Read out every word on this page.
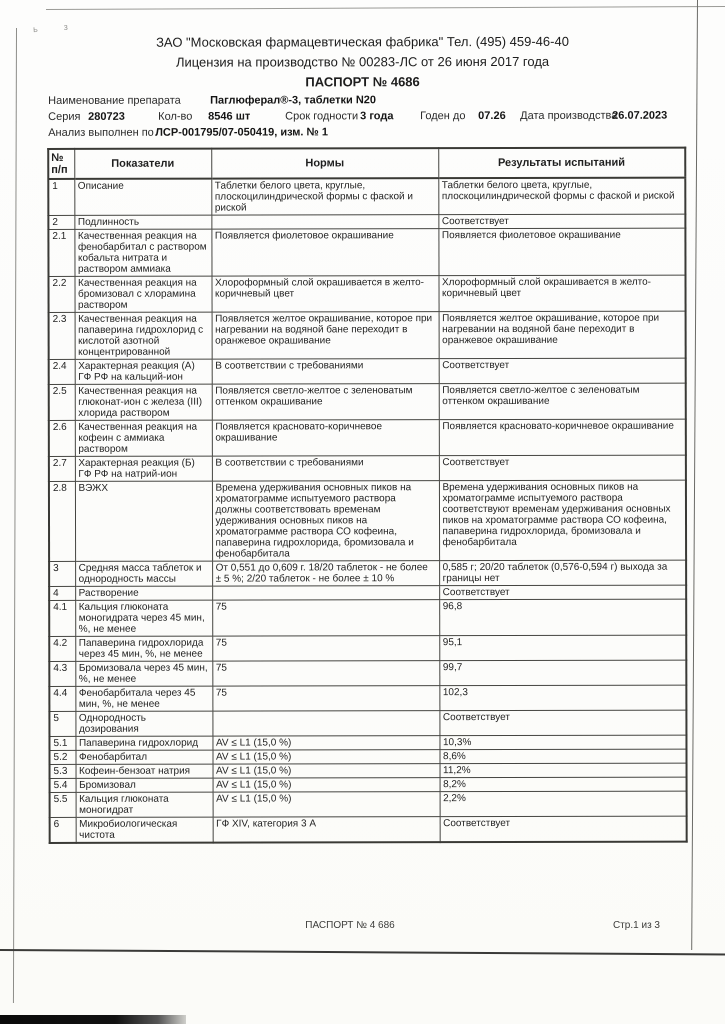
ьз
ЗАО "Московская фармацевтическая фабрика" Тел. (495) 459-46-40
Лицензия на производство № 00283-ЛС от 26 июня 2017 года
ПАСПОРТ № 4686
Наименование препарата	Паглюферал®-3, таблетки N20
Серия 280723	Кол-во 8546 шт	Срок годности 3 года Годен до 07.26 Дата производства
26.07.2023
Анализ выполнен по ЛСР-001795/07-050419, изм. № 1
№ п/п	Показатели	Нормы	Результаты испытаний
1	Описание	Таблетки белого цвета, круглые, плоскоцилиндрической формы с фаской и риской	Таблетки белого цвета, круглые, плоскоцилиндрической формы с фаской и риской
2	Подлинность		Соответствует
2.1	Качественная реакция на фенобарбитал с раствором кобальта нитрата и раствором аммиака	Появляется фиолетовое окрашивание	Появляется фиолетовое окрашивание
2.2	Качественная реакция на бромизовал с хлорамина раствором	Хлороформный слой окрашивается в желто-коричневый цвет	Хлороформный слой окрашивается в желто-коричневый цвет
2.3	Качественная реакция на папаверина гидрохлорид с кислотой азотной концентрированной	Появляется желтое окрашивание, которое при нагревании на водяной бане переходит в оранжевое окрашивание	Появляется желтое окрашивание, которое при нагревании на водяной бане переходит в оранжевое окрашивание
2.4	Характерная реакция (А) ГФ РФ на кальций-ион	В соответствии с требованиями	Соответствует
2.5	Качественная реакция на глюконат-ион с железа (III) хлорида раствором	Появляется светло-желтое с зеленоватым оттенком окрашивание	Появляется светло-желтое с зеленоватым оттенком окрашивание
2.6	Качественная реакция на кофеин с аммиака раствором	Появляется красновато-коричневое окрашивание	Появляется красновато-коричневое окрашивание
2.7	Характерная реакция (Б) ГФ РФ на натрий-ион	В соответствии с требованиями	Соответствует
2.8	ВЭЖХ	Времена удерживания основных пиков на хроматограмме испытуемого раствора должны соответствовать временам удерживания основных пиков на хроматограмме раствора СО кофеина, папаверина гидрохлорида, бромизовала и фенобарбитала	Времена удерживания основных пиков на хроматограмме испытуемого раствора соответствуют временам удерживания основных пиков на хроматограмме раствора СО кофеина, папаверина гидрохлорида, бромизовала и фенобарбитала
3	Средняя масса таблеток и однородность массы	От 0,551 до 0,609 г. 18/20 таблеток - не более ± 5 %; 2/20 таблеток - не более ± 10 %	0,585 г; 20/20 таблеток (0,576-0,594 г) выхода за границы нет
4	Растворение		Соответствует
4.1	Кальция глюконата моногидрата через 45 мин, %, не менее	75	96,8
4.2	Папаверина гидрохлорида через 45 мин, %, не менее	75	95,1
4.3	Бромизовала через 45 мин, %, не менее	75	99,7
4.4	Фенобарбитала через 45 мин, %, не менее	75	102,3
5	Однородность дозирования		Соответствует
5.1	Папаверина гидрохлорид	AV ≤ L1 (15,0 %)	10,3%
5.2	Фенобарбитал	AV ≤ L1 (15,0 %)	8,6%
5.3	Кофеин-бензоат натрия	AV ≤ L1 (15,0 %)	11,2%
5.4	Бромизовал	AV ≤ L1 (15,0 %)	8,2%
5.5	Кальция глюконата моногидрат	AV ≤ L1 (15,0 %)	2,2%
6	Микробиологическая чистота	ГФ XIV, категория 3 А	Соответствует
ПАСПОРТ № 4 686	Стр.1 из 3
